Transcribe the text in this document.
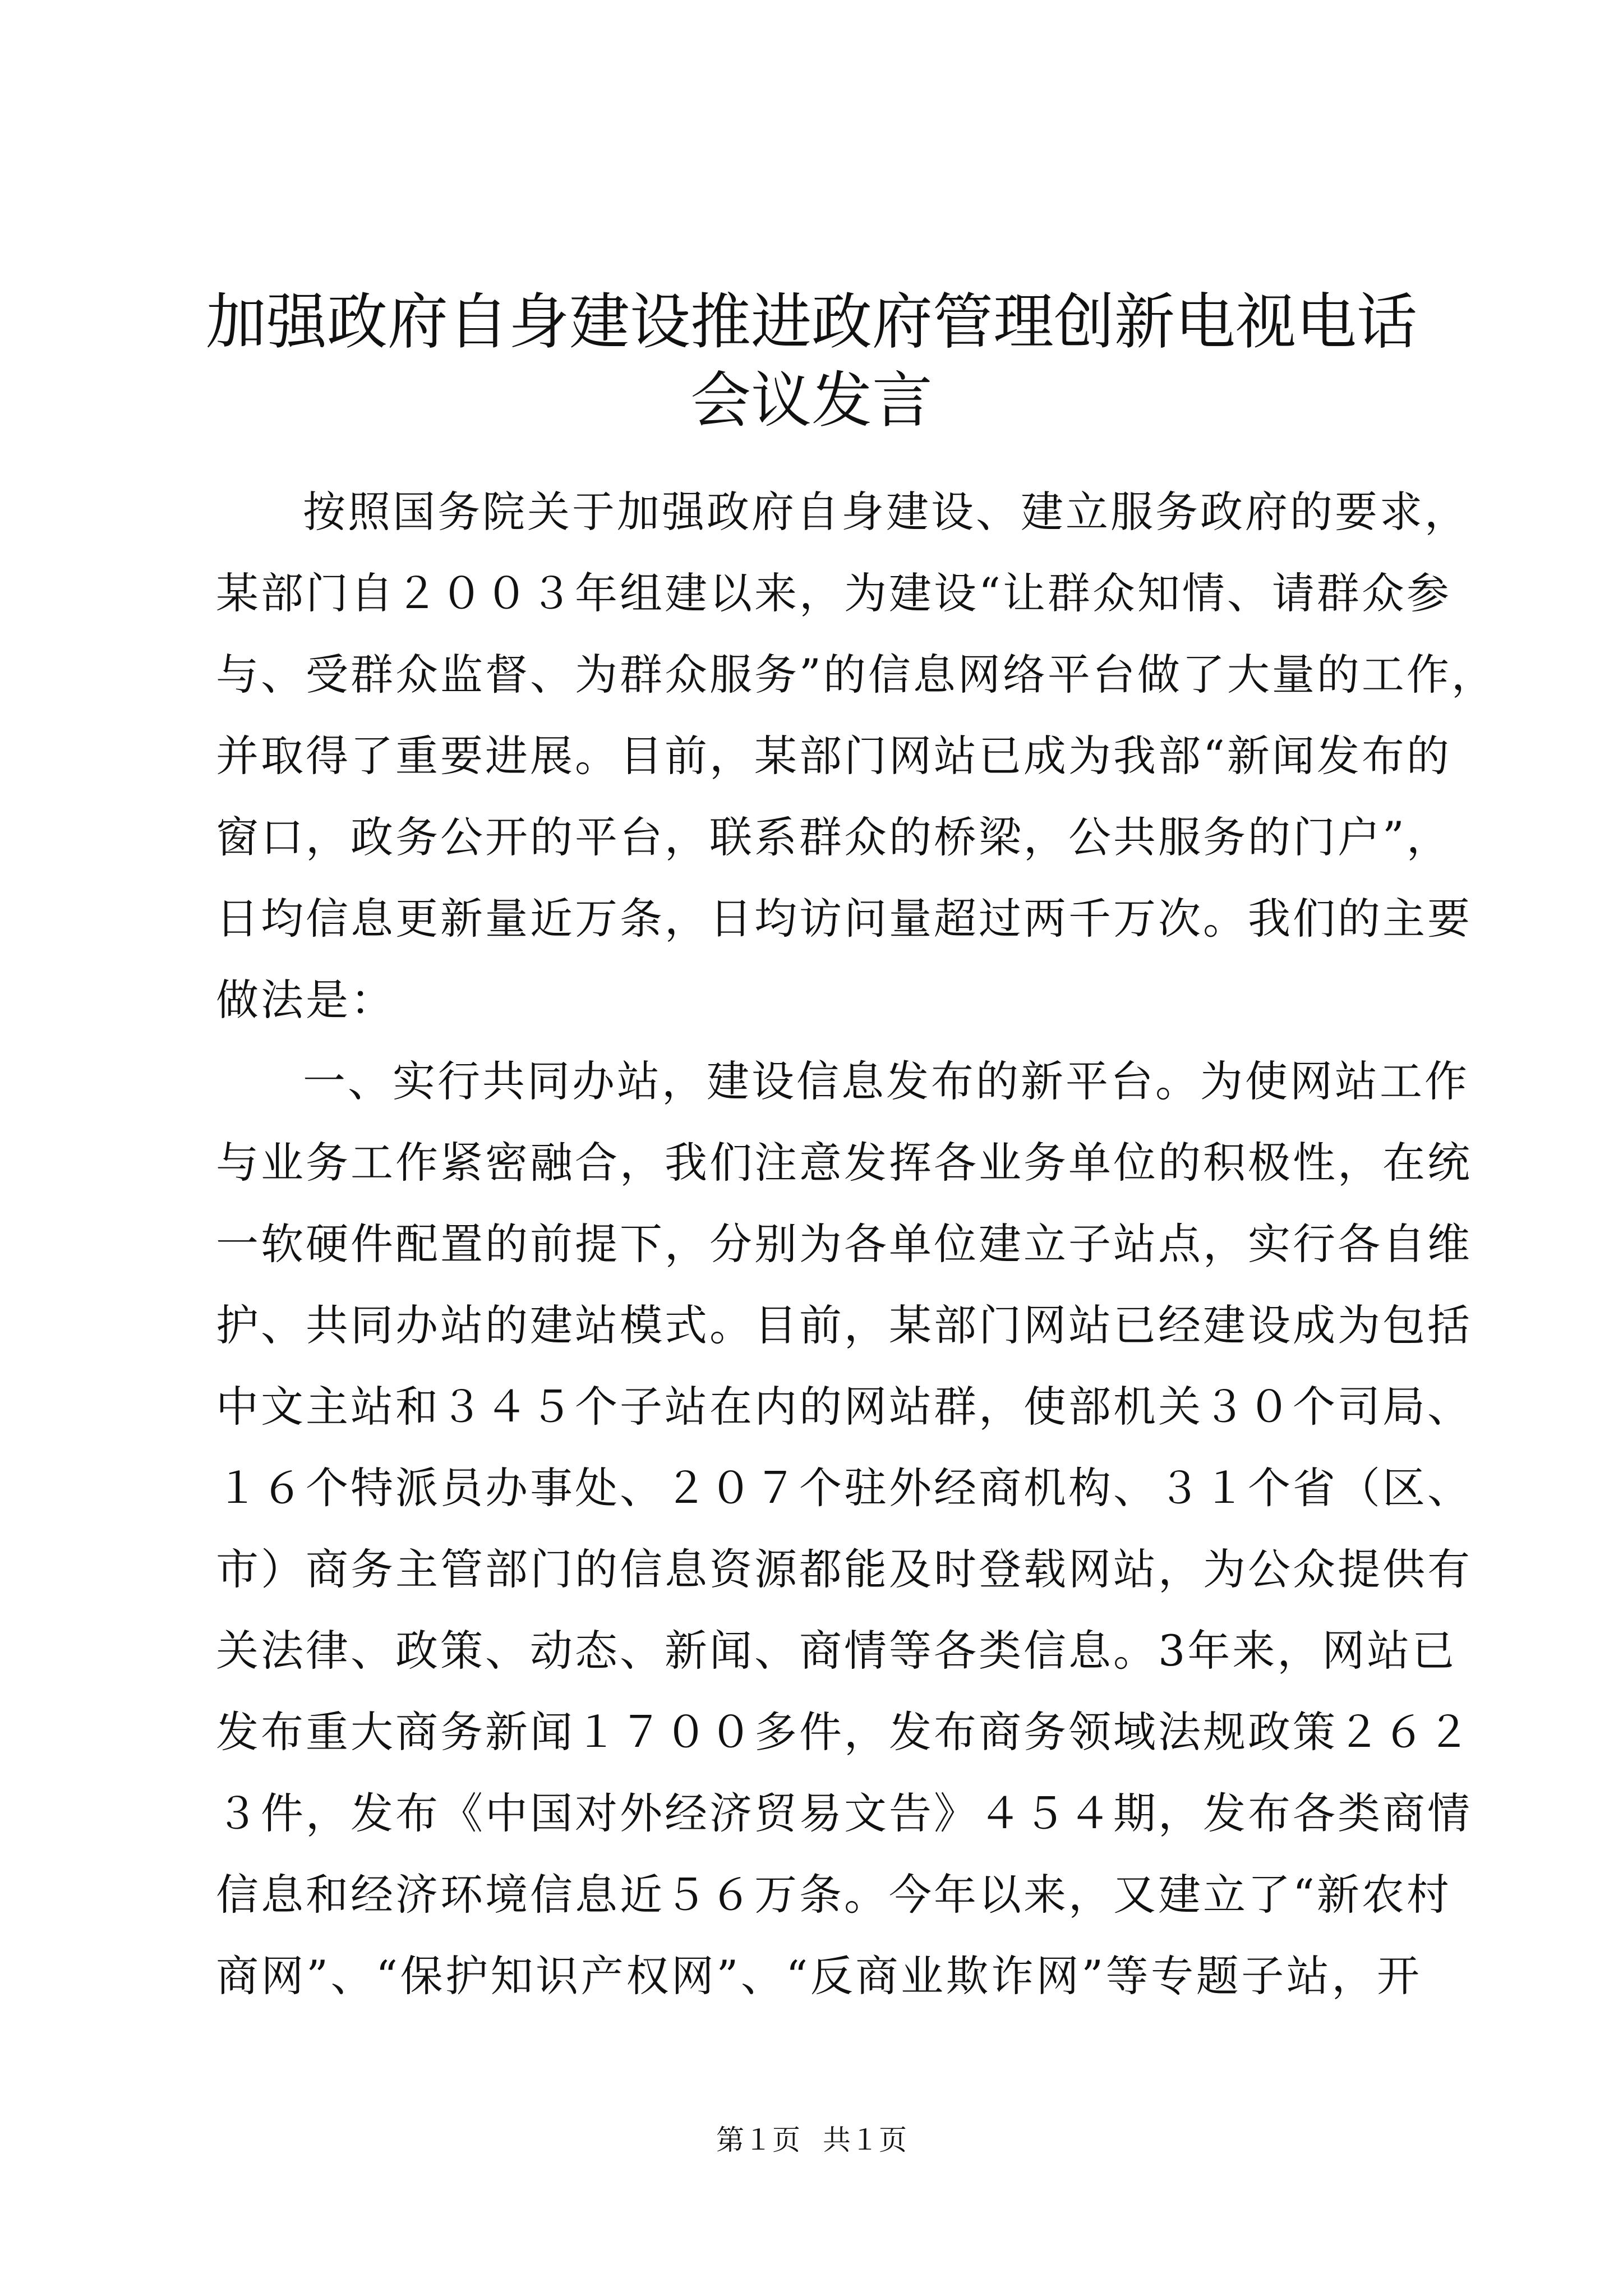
加强政府自身建设推进政府管理创新电视电话
会议发言
按照国务院关于加强政府自身建设、建立服务政府的要求，
某部门自２００３年组建以来，为建设“让群众知情、请群众参
与、受群众监督、为群众服务”的信息网络平台做了大量的工作，
并取得了重要进展。目前，某部门网站已成为我部“新闻发布的
窗口，政务公开的平台，联系群众的桥梁，公共服务的门户”，
日均信息更新量近万条，日均访问量超过两千万次。我们的主要
做法是：
一、实行共同办站，建设信息发布的新平台。为使网站工作
与业务工作紧密融合，我们注意发挥各业务单位的积极性，在统
一软硬件配置的前提下，分别为各单位建立子站点，实行各自维
护、共同办站的建站模式。目前，某部门网站已经建设成为包括
中文主站和３４５个子站在内的网站群，使部机关３０个司局、
１６个特派员办事处、２０７个驻外经商机构、３１个省（区、
市）商务主管部门的信息资源都能及时登载网站，为公众提供有
关法律、政策、动态、新闻、商情等各类信息。3年来，网站已
发布重大商务新闻１７００多件，发布商务领域法规政策２６２
３件，发布《中国对外经济贸易文告》４５４期，发布各类商情
信息和经济环境信息近５６万条。今年以来，又建立了“新农村
商网”、“保护知识产权网”、“反商业欺诈网”等专题子站，开
第１页 共１页
